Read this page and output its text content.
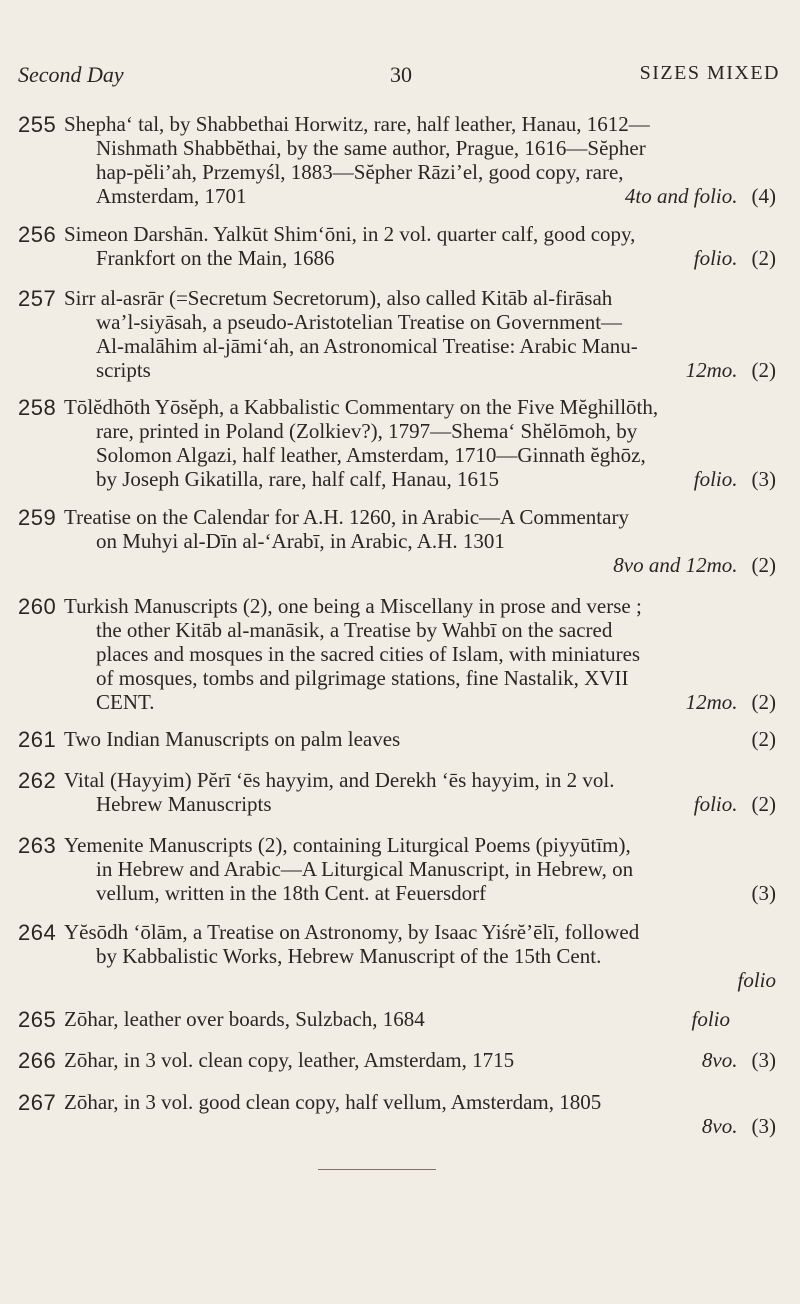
Second Day	30	SIZES MIXED
255 Shepha‘ tal, by Shabbethai Horwitz, rare, half leather, Hanau, 1612—
Nishmath Shabbĕthai, by the same author, Prague, 1616—Sĕpher
hap-pĕli’ah, Przemyśl, 1883—Sĕpher Rāzi’el, good copy, rare,
Amsterdam, 1701	4to and folio. (4)
256 Simeon Darshān. Yalkūt Shim‘ōni, in 2 vol. quarter calf, good copy,
Frankfort on the Main, 1686	folio. (2)
257 Sirr al-asrār (=Secretum Secretorum), also called Kitāb al-firāsah
wa’l-siyāsah, a pseudo-Aristotelian Treatise on Government—
Al-malāhim al-jāmi‘ah, an Astronomical Treatise: Arabic Manu-
scripts	12mo. (2)
258 Tōlĕdhōth Yōsĕph, a Kabbalistic Commentary on the Five Mĕghillōth,
rare, printed in Poland (Zolkiev?), 1797—Shema‘ Shĕlōmoh, by
Solomon Algazi, half leather, Amsterdam, 1710—Ginnath ĕghōz,
by Joseph Gikatilla, rare, half calf, Hanau, 1615	folio. (3)
259 Treatise on the Calendar for A.H. 1260, in Arabic—A Commentary
on Muhyi al-Dīn al-‘Arabī, in Arabic, A.H. 1301
8vo and 12mo. (2)
260 Turkish Manuscripts (2), one being a Miscellany in prose and verse ;
the other Kitāb al-manāsik, a Treatise by Wahbī on the sacred
places and mosques in the sacred cities of Islam, with miniatures
of mosques, tombs and pilgrimage stations, fine Nastalik, XVII
CENT.	12mo. (2)
261 Two Indian Manuscripts on palm leaves	(2)
262 Vital (Hayyim) Pĕrī ‘ēs hayyim, and Derekh ‘ēs hayyim, in 2 vol.
Hebrew Manuscripts	folio. (2)
263 Yemenite Manuscripts (2), containing Liturgical Poems (piyyūtīm),
in Hebrew and Arabic—A Liturgical Manuscript, in Hebrew, on
vellum, written in the 18th Cent. at Feuersdorf	(3)
264 Yĕsōdh ‘ōlām, a Treatise on Astronomy, by Isaac Yiśrĕ’ēlī, followed
by Kabbalistic Works, Hebrew Manuscript of the 15th Cent.
folio
265 Zōhar, leather over boards, Sulzbach, 1684	folio
266 Zōhar, in 3 vol. clean copy, leather, Amsterdam, 1715	8vo. (3)
267 Zōhar, in 3 vol. good clean copy, half vellum, Amsterdam, 1805
8vo. (3)
